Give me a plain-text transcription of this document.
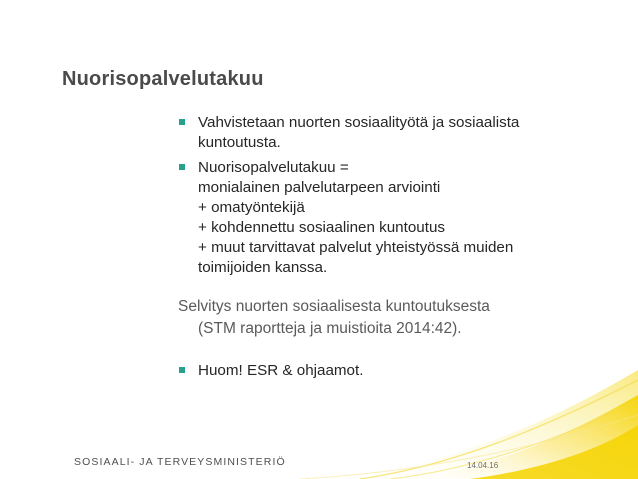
Nuorisopalvelutakuu
Vahvistetaan nuorten sosiaalityötä ja sosiaalista
kuntoutusta.
Nuorisopalvelutakuu =
monialainen palvelutarpeen arviointi
+ omatyöntekijä
+ kohdennettu sosiaalinen kuntoutus
+ muut tarvittavat palvelut yhteistyössä muiden
toimijoiden kanssa.
Selvitys nuorten sosiaalisesta kuntoutuksesta
(STM raportteja ja muistioita 2014:42).
Huom! ESR & ohjaamot.
SOSIAALI- JA TERVEYSMINISTERIÖ	14.04.16
